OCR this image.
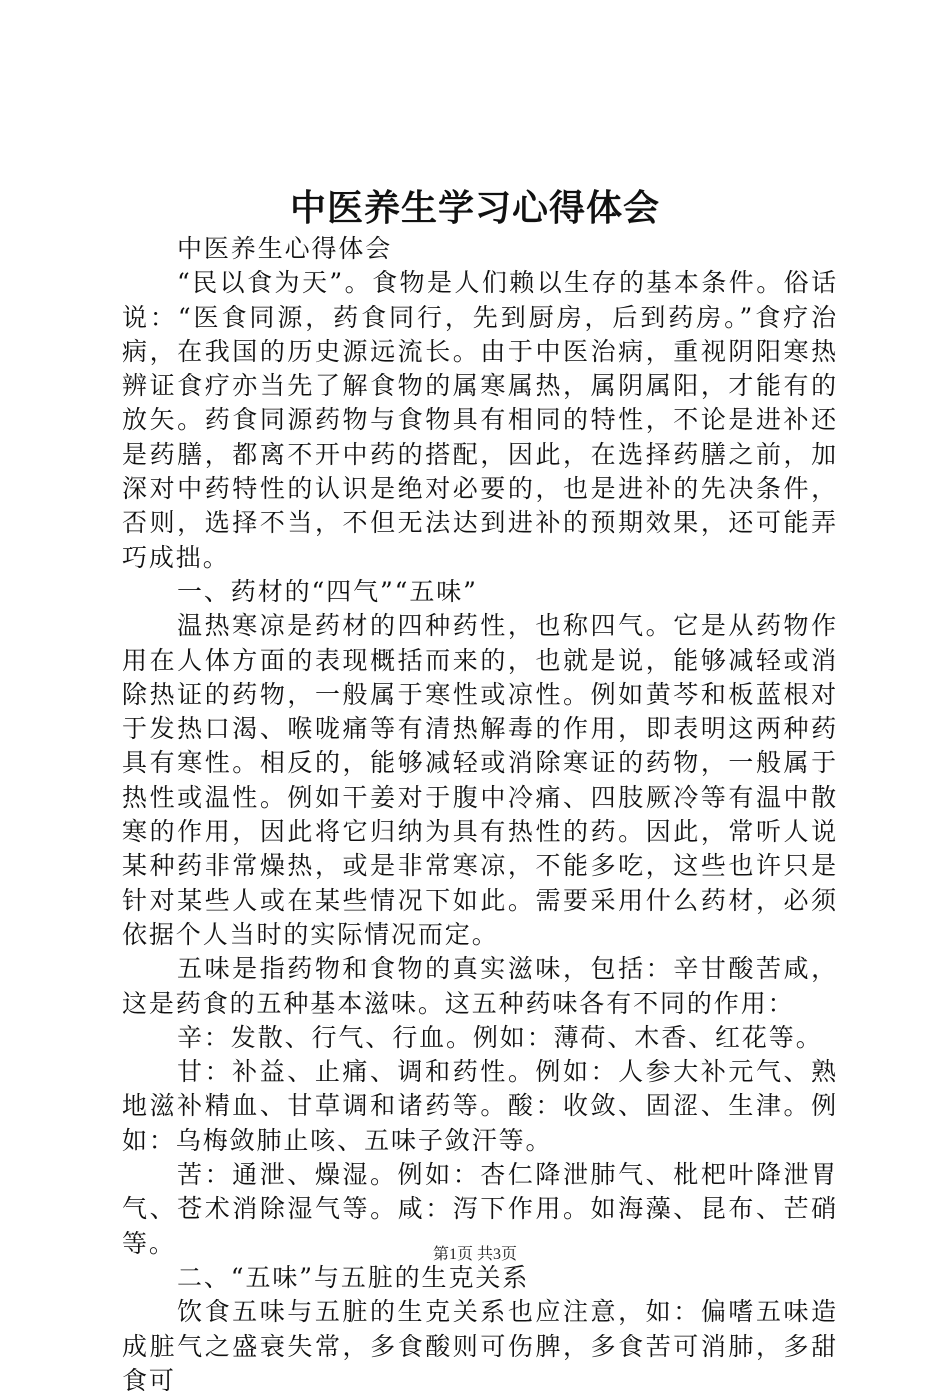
中医养生学习心得体会

中医养生心得体会

“民以食为天”。食物是人们赖以生存的基本条件。俗话说：“医食同源，药食同行，先到厨房，后到药房。”食疗治病，在我国的历史源远流长。由于中医治病，重视阴阳寒热辨证食疗亦当先了解食物的属寒属热，属阴属阳，才能有的放矢。药食同源药物与食物具有相同的特性，不论是进补还是药膳，都离不开中药的搭配，因此，在选择药膳之前，加深对中药特性的认识是绝对必要的，也是进补的先决条件，否则，选择不当，不但无法达到进补的预期效果，还可能弄巧成拙。

一、药材的“四气”“五味”

温热寒凉是药材的四种药性，也称四气。它是从药物作用在人体方面的表现概括而来的，也就是说，能够减轻或消除热证的药物，一般属于寒性或凉性。例如黄芩和板蓝根对于发热口渴、喉咙痛等有清热解毒的作用，即表明这两种药具有寒性。相反的，能够减轻或消除寒证的药物，一般属于热性或温性。例如干姜对于腹中冷痛、四肢厥冷等有温中散寒的作用，因此将它归纳为具有热性的药。因此，常听人说某种药非常燥热，或是非常寒凉，不能多吃，这些也许只是针对某些人或在某些情况下如此。需要采用什么药材，必须依据个人当时的实际情况而定。

五味是指药物和食物的真实滋味，包括：辛甘酸苦咸，这是药食的五种基本滋味。这五种药味各有不同的作用：

辛：发散、行气、行血。例如：薄荷、木香、红花等。

甘：补益、止痛、调和药性。例如：人参大补元气、熟地滋补精血、甘草调和诸药等。酸：收敛、固涩、生津。例如：乌梅敛肺止咳、五味子敛汗等。

苦：通泄、燥湿。例如：杏仁降泄肺气、枇杷叶降泄胃气、苍术消除湿气等。咸：泻下作用。如海藻、昆布、芒硝等。

二、“五味”与五脏的生克关系

饮食五味与五脏的生克关系也应注意，如：偏嗜五味造成脏气之盛衰失常，多食酸则可伤脾，多食苦可消肺，多甜食可

第1页 共3页
